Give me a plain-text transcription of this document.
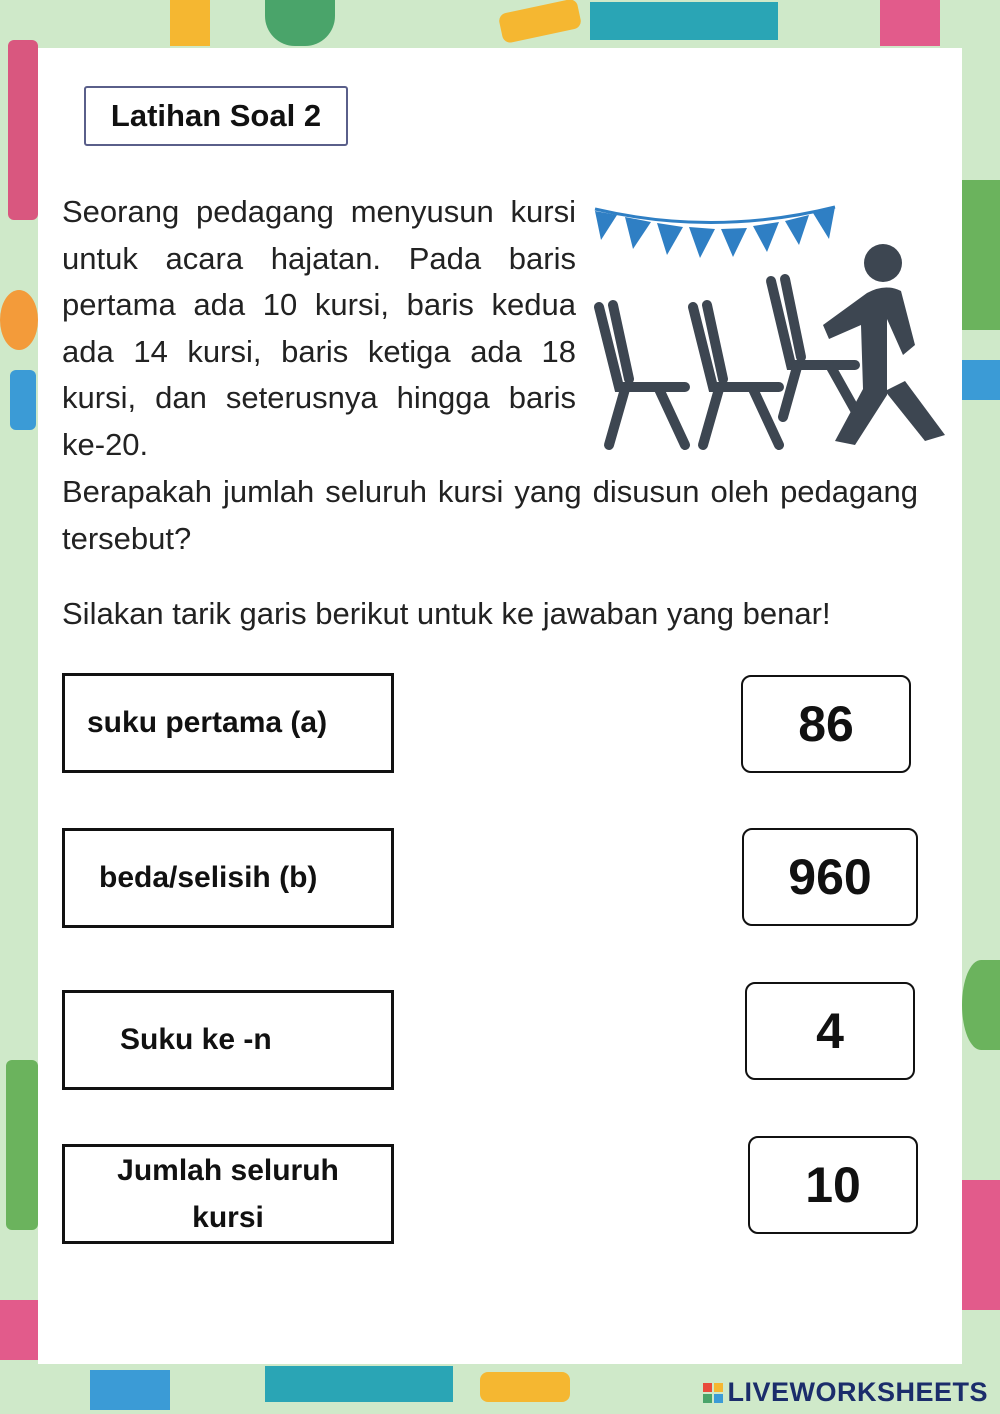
Latihan Soal 2

Seorang pedagang menyusun kursi untuk acara hajatan. Pada baris pertama ada 10 kursi, baris kedua ada 14 kursi, baris ketiga ada 18 kursi, dan seterusnya hingga baris ke-20.

Berapakah jumlah seluruh kursi yang disusun oleh pedagang tersebut?

Silakan tarik garis berikut untuk ke jawaban yang benar!
suku pertama (a)
beda/selisih (b)
Suku ke -n
Jumlah seluruh
kursi
86
960
4
10
LIVEWORKSHEETS
